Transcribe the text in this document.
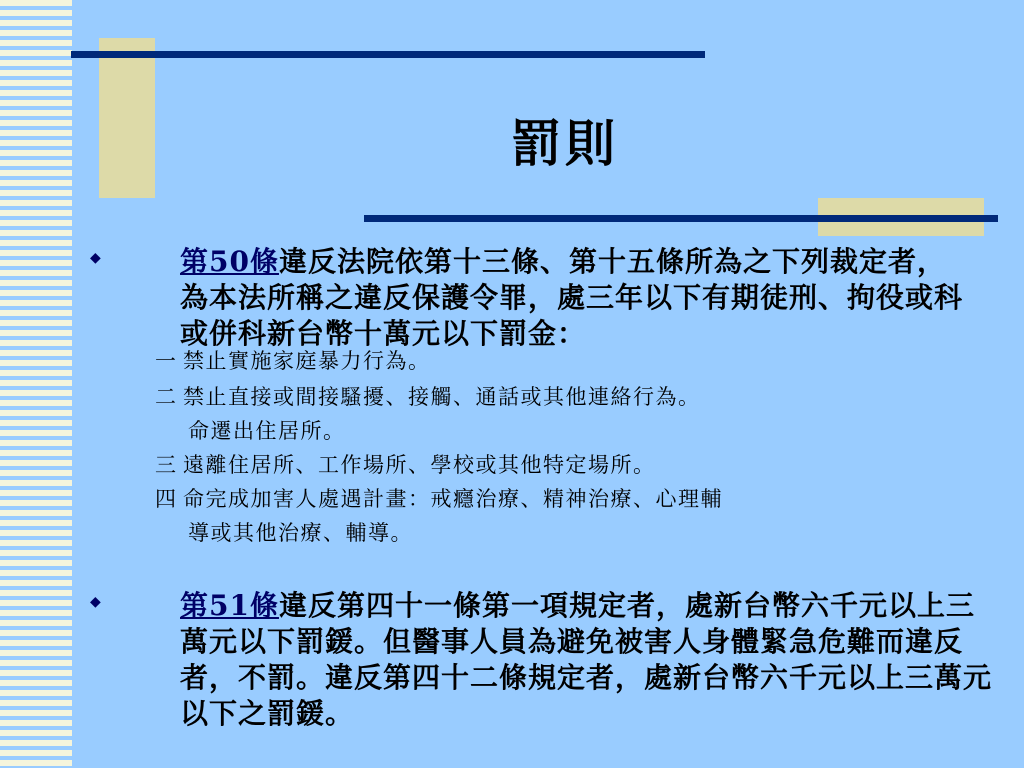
罰則
◆	第50條違反法院依第十三條、第十五條所為之下列裁定者，為本法所稱之違反保護令罪，處三年以下有期徒刑、拘役或科或併科新台幣十萬元以下罰金：
一 禁止實施家庭暴力行為。
二 禁止直接或間接騷擾、接觸、通話或其他連絡行為。
命遷出住居所。
三 遠離住居所、工作場所、學校或其他特定場所。
四 命完成加害人處遇計畫：戒癮治療、精神治療、心理輔
導或其他治療、輔導。
◆	第51條違反第四十一條第一項規定者，處新台幣六千元以上三萬元以下罰鍰。但醫事人員為避免被害人身體緊急危難而違反者，不罰。違反第四十二條規定者，處新台幣六千元以上三萬元以下之罰鍰。
